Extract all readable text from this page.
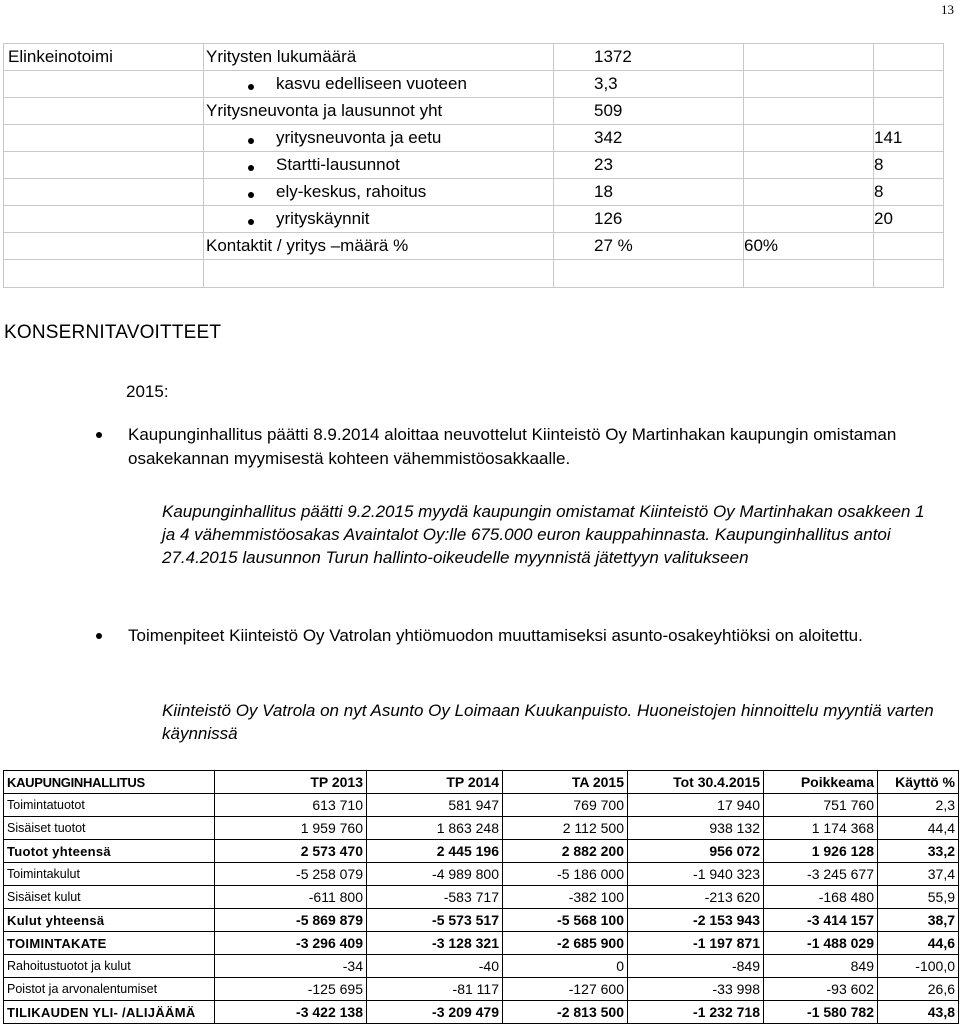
13
Elinkeinotoimi	Yritysten lukumäärä	1372		
	kasvu edelliseen vuoteen	3,3		
	Yritysneuvonta ja lausunnot yht	509		
	yritysneuvonta ja eetu	342		141
	Startti-lausunnot	23		8
	ely-keskus, rahoitus	18		8
	yrityskäynnit	126		20
	Kontaktit / yritys –määrä %	27 %	60%	

KONSERNITAVOITTEET
2015:
Kaupunginhallitus päätti 8.9.2014 aloittaa neuvottelut Kiinteistö Oy Martinhakan kaupungin omistaman osakekannan myymisestä kohteen vähemmistöosakkaalle.
Kaupunginhallitus päätti 9.2.2015 myydä kaupungin omistamat Kiinteistö Oy Martinhakan osakkeen 1 ja 4 vähemmistöosakas Avaintalot Oy:lle 675.000 euron kauppahinnasta. Kaupunginhallitus antoi 27.4.2015 lausunnon Turun hallinto-oikeudelle myynnistä jätettyyn valitukseen
Toimenpiteet Kiinteistö Oy Vatrolan yhtiömuodon muuttamiseksi asunto-osakeyhtiöksi on aloitettu.
Kiinteistö Oy Vatrola on nyt Asunto Oy Loimaan Kuukanpuisto. Huoneistojen hinnoittelu myyntiä varten käynnissä
KAUPUNGINHALLITUS	TP 2013	TP 2014	TA 2015	Tot 30.4.2015	Poikkeama	Käyttö %
Toimintatuotot	613 710	581 947	769 700	17 940	751 760	2,3
Sisäiset tuotot	1 959 760	1 863 248	2 112 500	938 132	1 174 368	44,4
Tuotot yhteensä	2 573 470	2 445 196	2 882 200	956 072	1 926 128	33,2
Toimintakulut	-5 258 079	-4 989 800	-5 186 000	-1 940 323	-3 245 677	37,4
Sisäiset kulut	-611 800	-583 717	-382 100	-213 620	-168 480	55,9
Kulut yhteensä	-5 869 879	-5 573 517	-5 568 100	-2 153 943	-3 414 157	38,7
TOIMINTAKATE	-3 296 409	-3 128 321	-2 685 900	-1 197 871	-1 488 029	44,6
Rahoitustuotot ja kulut	-34	-40	0	-849	849	-100,0
Poistot ja arvonalentumiset	-125 695	-81 117	-127 600	-33 998	-93 602	26,6
TILIKAUDEN YLI- /ALIJÄÄMÄ	-3 422 138	-3 209 479	-2 813 500	-1 232 718	-1 580 782	43,8
